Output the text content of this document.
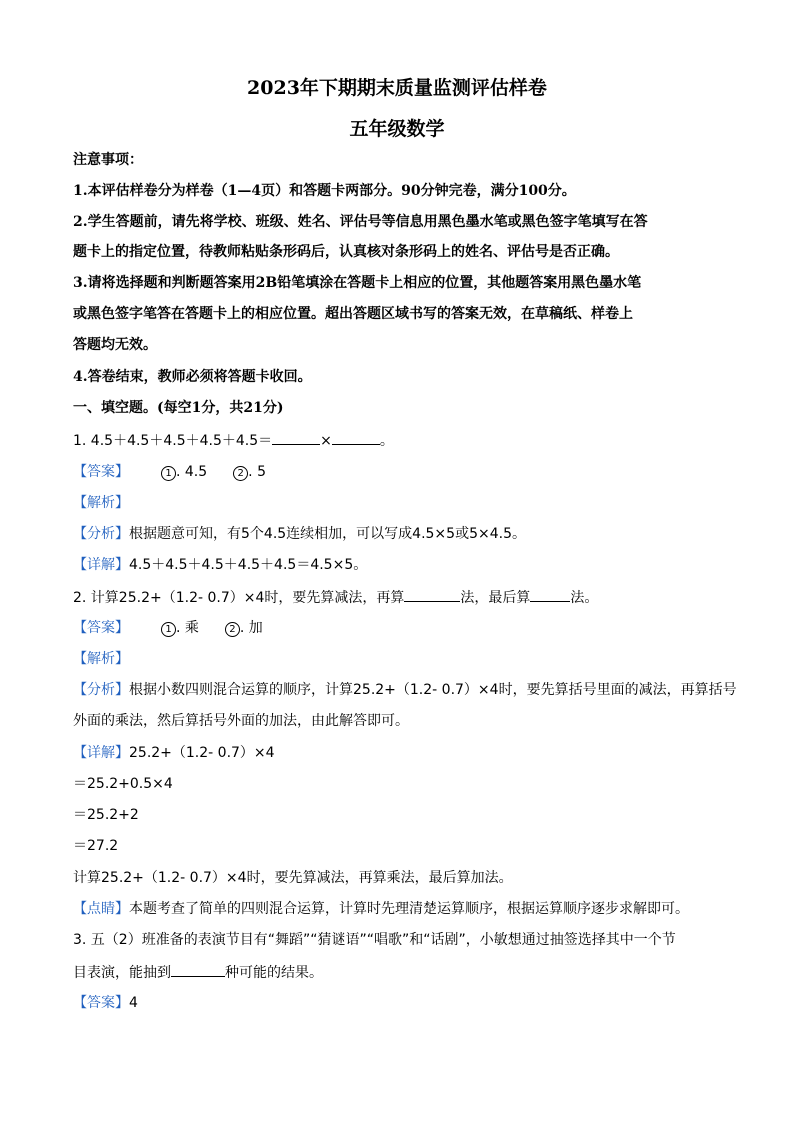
2023年下期期末质量监测评估样卷
五年级数学
注意事项：
1.本评估样卷分为样卷（1—4页）和答题卡两部分。90分钟完卷，满分100分。
2.学生答题前，请先将学校、班级、姓名、评估号等信息用黑色墨水笔或黑色签字笔填写在答
题卡上的指定位置，待教师粘贴条形码后，认真核对条形码上的姓名、评估号是否正确。
3.请将选择题和判断题答案用2B铅笔填涂在答题卡上相应的位置，其他题答案用黑色墨水笔
或黑色签字笔答在答题卡上的相应位置。超出答题区域书写的答案无效，在草稿纸、样卷上
答题均无效。
4.答卷结束，教师必须将答题卡收回。
一、填空题。(每空1分，共21分)
1. 4.5＋4.5＋4.5＋4.5＋4.5＝	×	。
【答案】	1 . 4.5	2 . 5
【解析】
【分析】根据题意可知，有5个4.5连续相加，可以写成4.5×5或5×4.5。
【详解】4.5＋4.5＋4.5＋4.5＋4.5＝4.5×5。
2. 计算25.2+（1.2- 0.7）×4时，要先算减法，再算	法，最后算	法。
【答案】	1 . 乘	2 . 加
【解析】
【分析】根据小数四则混合运算的顺序，计算25.2+（1.2- 0.7）×4时，要先算括号里面的减法，再算括号
外面的乘法，然后算括号外面的加法，由此解答即可。
【详解】25.2+（1.2- 0.7）×4
＝25.2+0.5×4
＝25.2+2
＝27.2
计算25.2+（1.2- 0.7）×4时，要先算减法，再算乘法，最后算加法。
【点睛】本题考查了简单的四则混合运算，计算时先理清楚运算顺序，根据运算顺序逐步求解即可。
3. 五（2）班准备的表演节目有“舞蹈”“猜谜语”“唱歌”和“话剧”，小敏想通过抽签选择其中一个节
目表演，能抽到	种可能的结果。
【答案】4
